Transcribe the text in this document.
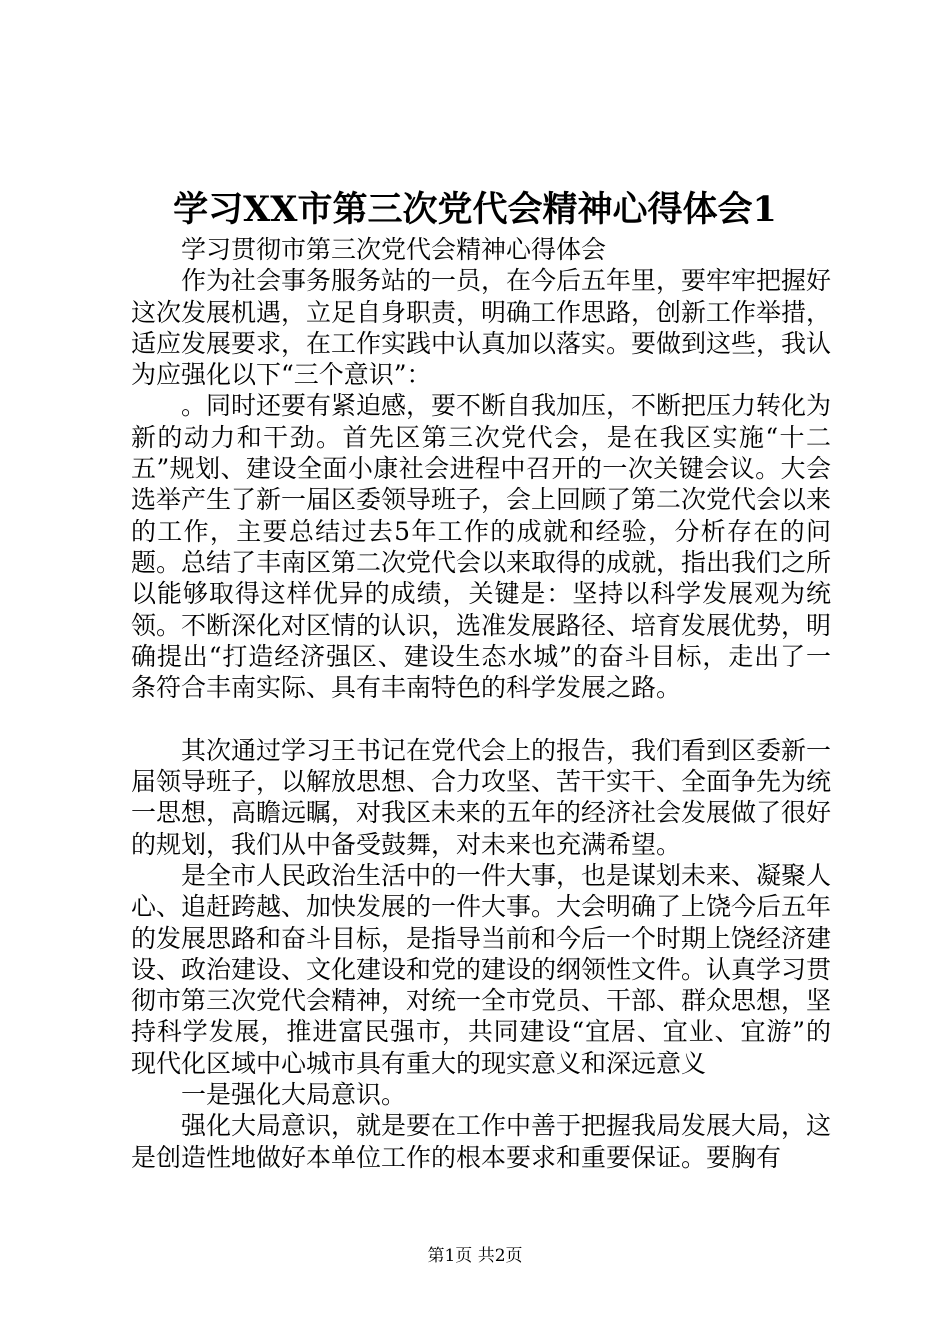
学习XX市第三次党代会精神心得体会1

学习贯彻市第三次党代会精神心得体会

作为社会事务服务站的一员，在今后五年里，要牢牢把握好这次发展机遇，立足自身职责，明确工作思路，创新工作举措，适应发展要求，在工作实践中认真加以落实。要做到这些，我认为应强化以下“三个意识”：

。同时还要有紧迫感，要不断自我加压，不断把压力转化为新的动力和干劲。首先区第三次党代会，是在我区实施“十二五”规划、建设全面小康社会进程中召开的一次关键会议。大会选举产生了新一届区委领导班子，会上回顾了第二次党代会以来的工作，主要总结过去5年工作的成就和经验，分析存在的问题。总结了丰南区第二次党代会以来取得的成就，指出我们之所以能够取得这样优异的成绩，关键是：坚持以科学发展观为统领。不断深化对区情的认识，选准发展路径、培育发展优势，明确提出“打造经济强区、建设生态水城”的奋斗目标，走出了一条符合丰南实际、具有丰南特色的科学发展之路。

其次通过学习王书记在党代会上的报告，我们看到区委新一届领导班子，以解放思想、合力攻坚、苦干实干、全面争先为统一思想，高瞻远瞩，对我区未来的五年的经济社会发展做了很好的规划，我们从中备受鼓舞，对未来也充满希望。

是全市人民政治生活中的一件大事，也是谋划未来、凝聚人心、追赶跨越、加快发展的一件大事。大会明确了上饶今后五年的发展思路和奋斗目标，是指导当前和今后一个时期上饶经济建设、政治建设、文化建设和党的建设的纲领性文件。认真学习贯彻市第三次党代会精神，对统一全市党员、干部、群众思想，坚持科学发展，推进富民强市，共同建设“宜居、宜业、宜游”的现代化区域中心城市具有重大的现实意义和深远意义

一是强化大局意识。

强化大局意识，就是要在工作中善于把握我局发展大局，这是创造性地做好本单位工作的根本要求和重要保证。要胸有

第1页 共2页
